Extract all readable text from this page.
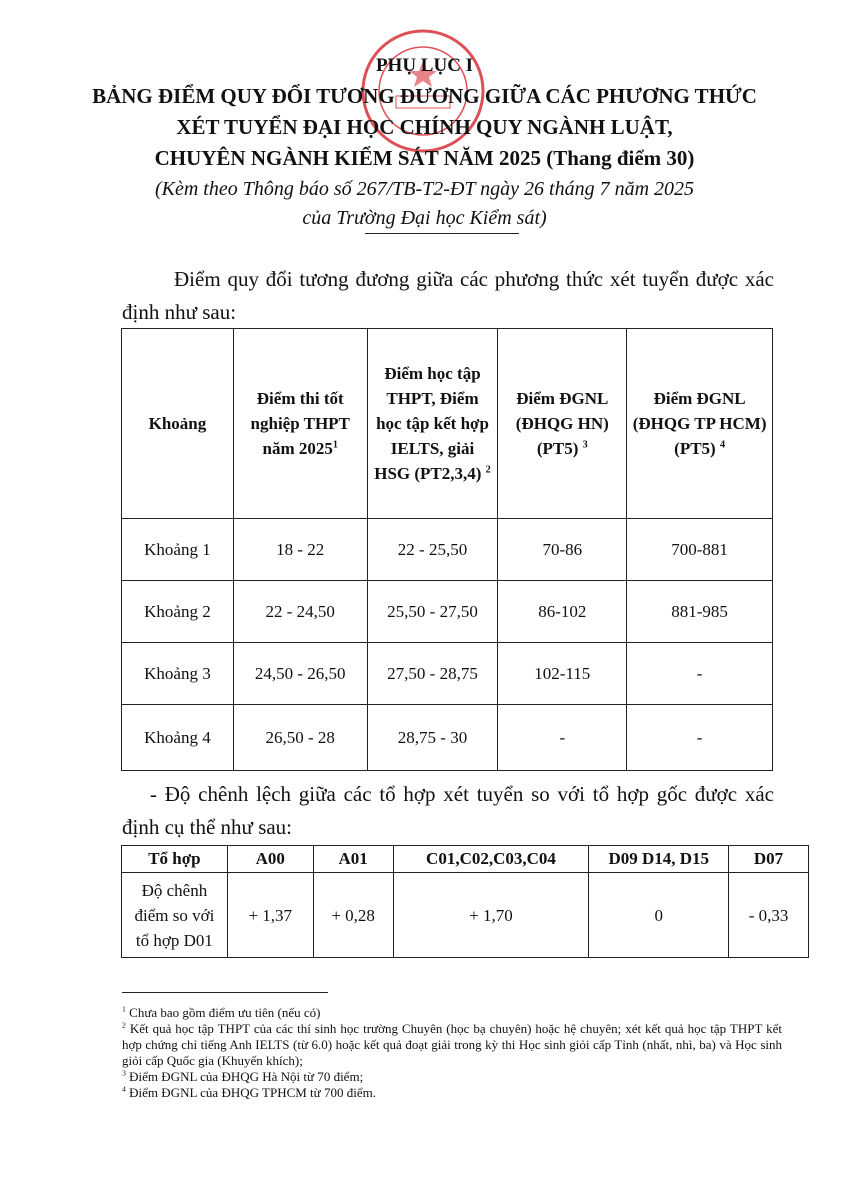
PHỤ LỤC I
BẢNG ĐIỂM QUY ĐỔI TƯƠNG ĐƯƠNG GIỮA CÁC PHƯƠNG THỨC
XÉT TUYỂN ĐẠI HỌC CHÍNH QUY NGÀNH LUẬT,
CHUYÊN NGÀNH KIỂM SÁT NĂM 2025 (Thang điểm 30)
(Kèm theo Thông báo số 267/TB-T2-ĐT ngày 26 tháng 7 năm 2025
của Trường Đại học Kiểm sát)
Điểm quy đổi tương đương giữa các phương thức xét tuyển được xác định như sau:
Khoảng	Điểm thi tốt nghiệp THPT năm 2025$^1$	Điểm học tập THPT, Điểm học tập kết hợp IELTS, giải HSG (PT2,3,4) $^2$	Điểm ĐGNL (ĐHQG HN) (PT5) $^3$	Điểm ĐGNL (ĐHQG TP HCM) (PT5) $^4$
Khoảng 1	18 - 22	22 - 25,50	70-86	700-881
Khoảng 2	22 - 24,50	25,50 - 27,50	86-102	881-985
Khoảng 3	24,50 - 26,50	27,50 - 28,75	102-115	-
Khoảng 4	26,50 - 28	28,75 - 30	-	-
- Độ chênh lệch giữa các tổ hợp xét tuyển so với tổ hợp gốc được xác định cụ thể như sau:
Tổ hợp	A00	A01	C01,C02,C03,C04	D09 D14, D15	D07
Độ chênh điểm so với tổ hợp D01	+ 1,37	+ 0,28	+ 1,70	0	- 0,33
$^1$ Chưa bao gồm điểm ưu tiên (nếu có)
$^2$ Kết quả học tập THPT của các thí sinh học trường Chuyên (học bạ chuyên) hoặc hệ chuyên; xét kết quả học tập THPT kết hợp chứng chỉ tiếng Anh IELTS (từ 6.0) hoặc kết quả đoạt giải trong kỳ thi Học sinh giỏi cấp Tỉnh (nhất, nhì, ba) và Học sinh giỏi cấp Quốc gia (Khuyến khích);
$^3$ Điểm ĐGNL của ĐHQG Hà Nội từ 70 điểm;
$^4$ Điểm ĐGNL của ĐHQG TPHCM từ 700 điểm.
